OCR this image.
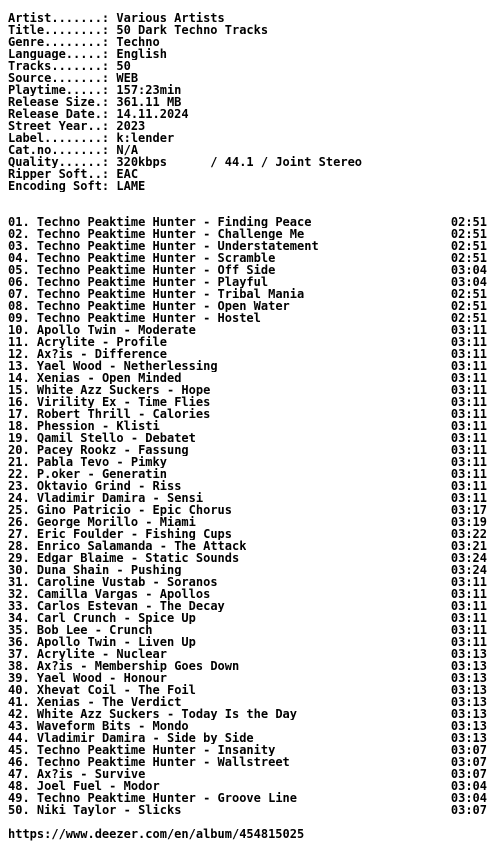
Artist.......: Various Artists
Title........: 50 Dark Techno Tracks
Genre........: Techno
Language.....: English
Tracks.......: 50
Source.......: WEB
Playtime.....: 157:23min
Release Size.: 361.11 MB
Release Date.: 14.11.2024
Street Year..: 2023
Label........: k:lender
Cat.no.......: N/A
Quality......: 320kbps      / 44.1 / Joint Stereo
Ripper Soft..: EAC
Encoding Soft: LAME
01. Techno Peaktime Hunter - Finding Peace	02:51
02. Techno Peaktime Hunter - Challenge Me	02:51
03. Techno Peaktime Hunter - Understatement	02:51
04. Techno Peaktime Hunter - Scramble	02:51
05. Techno Peaktime Hunter - Off Side	03:04
06. Techno Peaktime Hunter - Playful	03:04
07. Techno Peaktime Hunter - Tribal Mania	02:51
08. Techno Peaktime Hunter - Open Water	02:51
09. Techno Peaktime Hunter - Hostel	02:51
10. Apollo Twin - Moderate	03:11
11. Acrylite - Profile	03:11
12. Ax?is - Difference	03:11
13. Yael Wood - Netherlessing	03:11
14. Xenias - Open Minded	03:11
15. White Azz Suckers - Hope	03:11
16. Virility Ex - Time Flies	03:11
17. Robert Thrill - Calories	03:11
18. Phession - Klisti	03:11
19. Qamil Stello - Debatet	03:11
20. Pacey Rookz - Fassung	03:11
21. Pabla Tevo - Pimky	03:11
22. P.oker - Generatin	03:11
23. Oktavio Grind - Riss	03:11
24. Vladimir Damira - Sensi	03:11
25. Gino Patricio - Epic Chorus	03:17
26. George Morillo - Miami	03:19
27. Eric Foulder - Fishing Cups	03:22
28. Enrico Salamanda - The Attack	03:21
29. Edgar Blaime - Static Sounds	03:24
30. Duna Shain - Pushing	03:24
31. Caroline Vustab - Soranos	03:11
32. Camilla Vargas - Apollos	03:11
33. Carlos Estevan - The Decay	03:11
34. Carl Crunch - Spice Up	03:11
35. Bob Lee - Crunch	03:11
36. Apollo Twin - Liven Up	03:11
37. Acrylite - Nuclear	03:13
38. Ax?is - Membership Goes Down	03:13
39. Yael Wood - Honour	03:13
40. Xhevat Coil - The Foil	03:13
41. Xenias - The Verdict	03:13
42. White Azz Suckers - Today Is the Day	03:13
43. Waveform Bits - Mondo	03:13
44. Vladimir Damira - Side by Side	03:13
45. Techno Peaktime Hunter - Insanity	03:07
46. Techno Peaktime Hunter - Wallstreet	03:07
47. Ax?is - Survive	03:07
48. Joel Fuel - Modor	03:04
49. Techno Peaktime Hunter - Groove Line	03:04
50. Niki Taylor - Slicks	03:07
https://www.deezer.com/en/album/454815025
